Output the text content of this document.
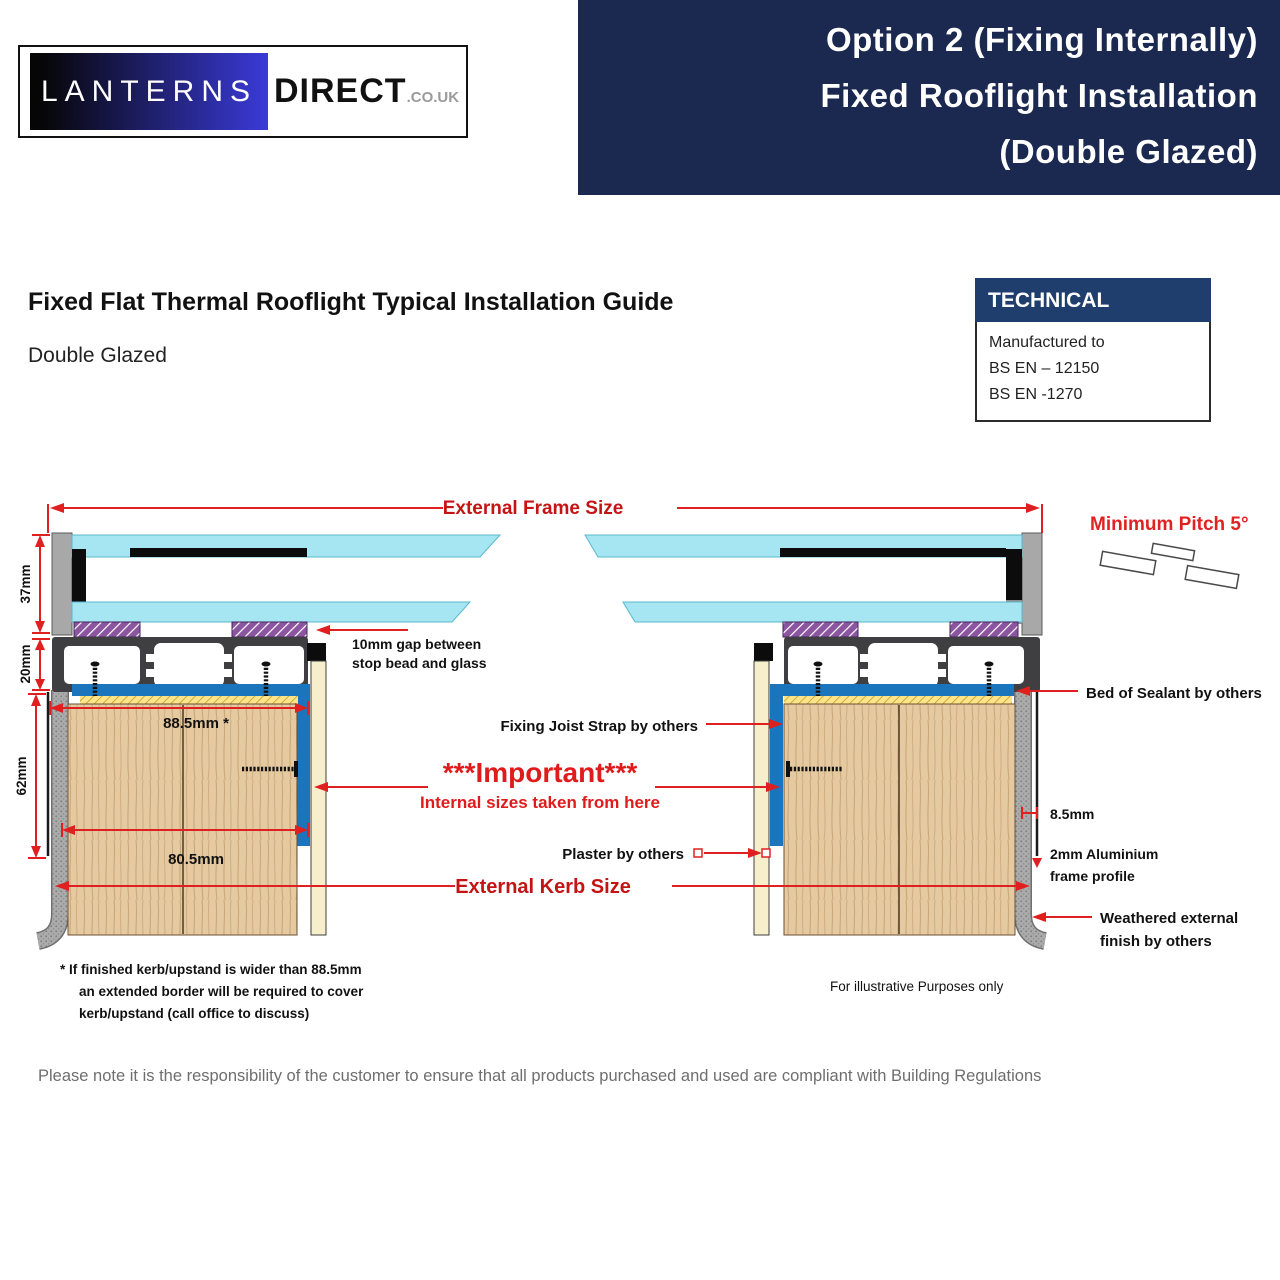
Option 2 (Fixing Internally)
Fixed Rooflight Installation
(Double Glazed)
LANTERNS DIRECT .CO.UK
Fixed Flat Thermal Rooflight Typical Installation Guide
Double Glazed
TECHNICAL
Manufactured to
BS EN – 12150
BS EN -1270
External Frame Size
Minimum Pitch 5°
37mm
20mm
62mm
10mm gap between
stop bead and glass
88.5mm *
80.5mm
Fixing Joist Strap by others
***Important***
Internal sizes taken from here
Plaster by others
External Kerb Size
Bed of Sealant by others
8.5mm
2mm Aluminium
frame profile
Weathered external
finish by others
* If finished kerb/upstand is wider than 88.5mm
an extended border will be required to cover
kerb/upstand (call office to discuss)
For illustrative Purposes only
Please note it is the responsibility of the customer to ensure that all products purchased and used are compliant with Building Regulations
